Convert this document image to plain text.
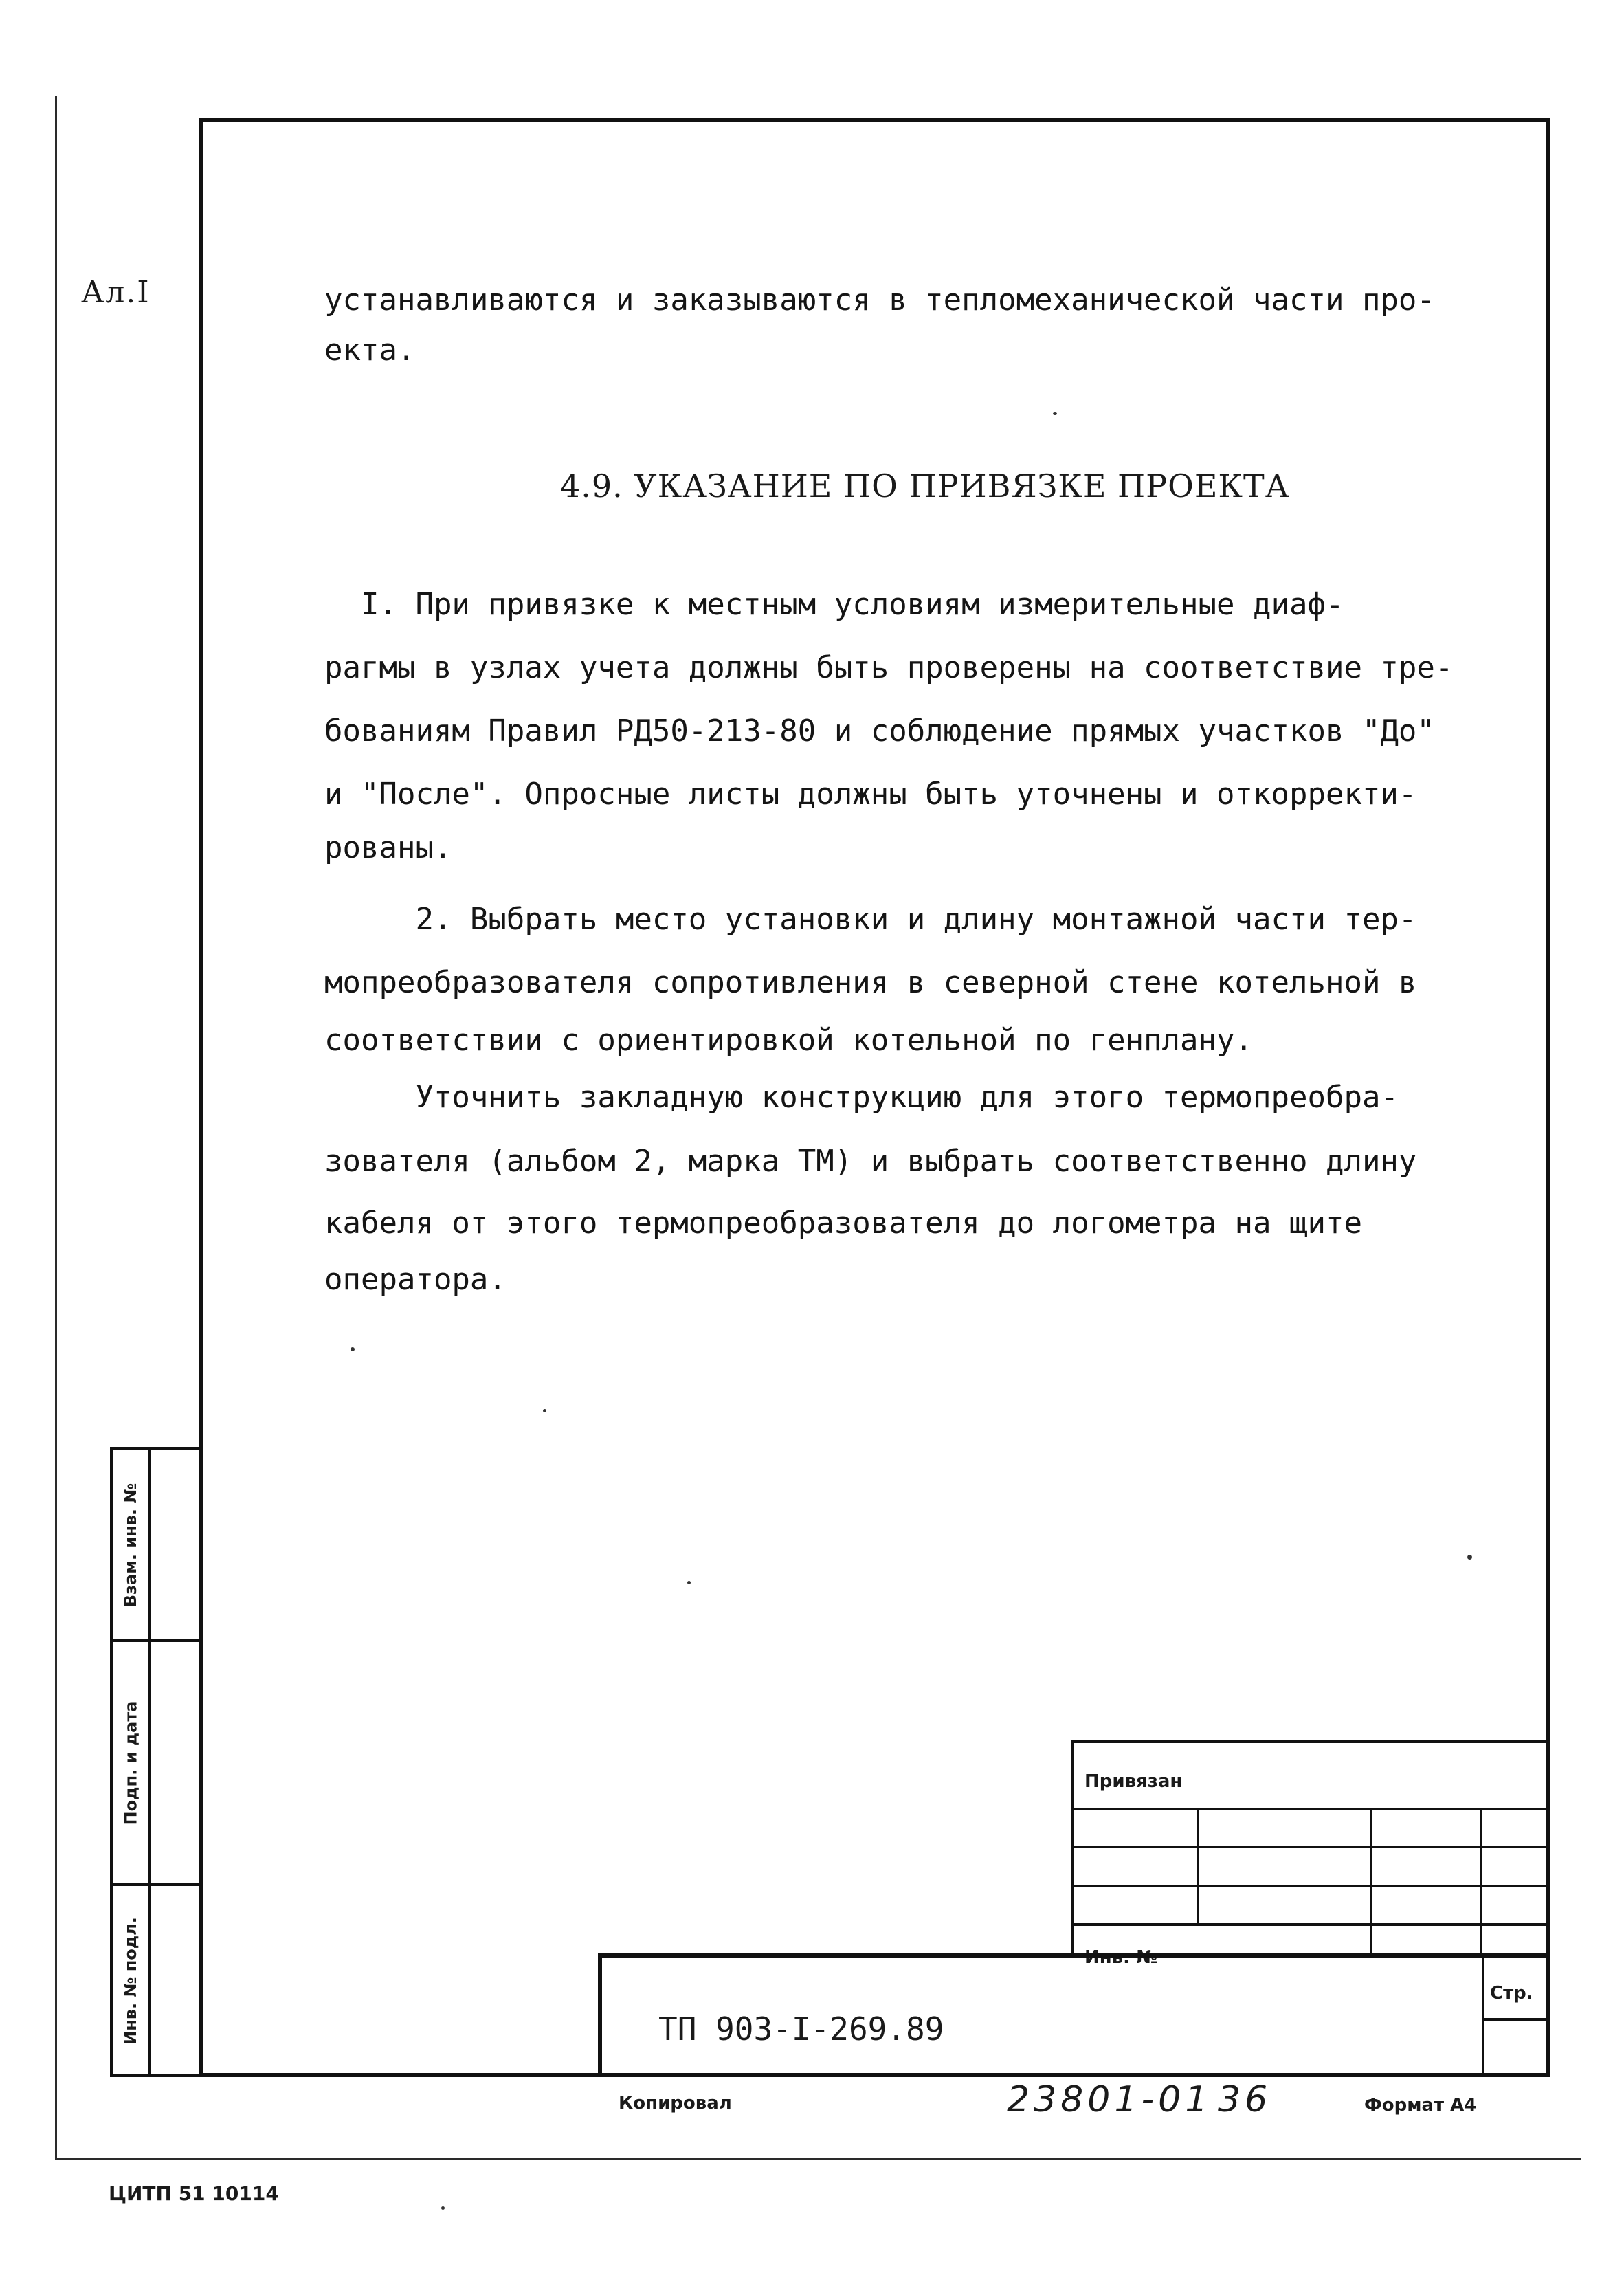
Ал.I	устанавливаются и заказываются в тепломеханической части про-
екта.
4.9. УКАЗАНИЕ ПО ПРИВЯЗКЕ ПРОЕКТА
I. При привязке к местным условиям измерительные диаф-
рагмы в узлах учета должны быть проверены на соответствие тре-
бованиям Правил РД50-213-80 и соблюдение прямых участков "До"
и "После". Опросные листы должны быть уточнены и откорректи-
рованы.
2. Выбрать место установки и длину монтажной части тер-
мопреобразователя сопротивления в северной стене котельной в
соответствии с ориентировкой котельной по генплану.
Уточнить закладную конструкцию для этого термопреобра-
зователя (альбом 2, марка ТМ) и выбрать соответственно длину
кабеля от этого термопреобразователя до логометра на щите
оператора.
Взам. инв. №
Подп. и дата
Инв. № подл.
Привязан
Инв. №
Стр.
ТП 903-I-269.89
Копировал	23801-01 36	Формат А4
ЦИТП 51 10114
